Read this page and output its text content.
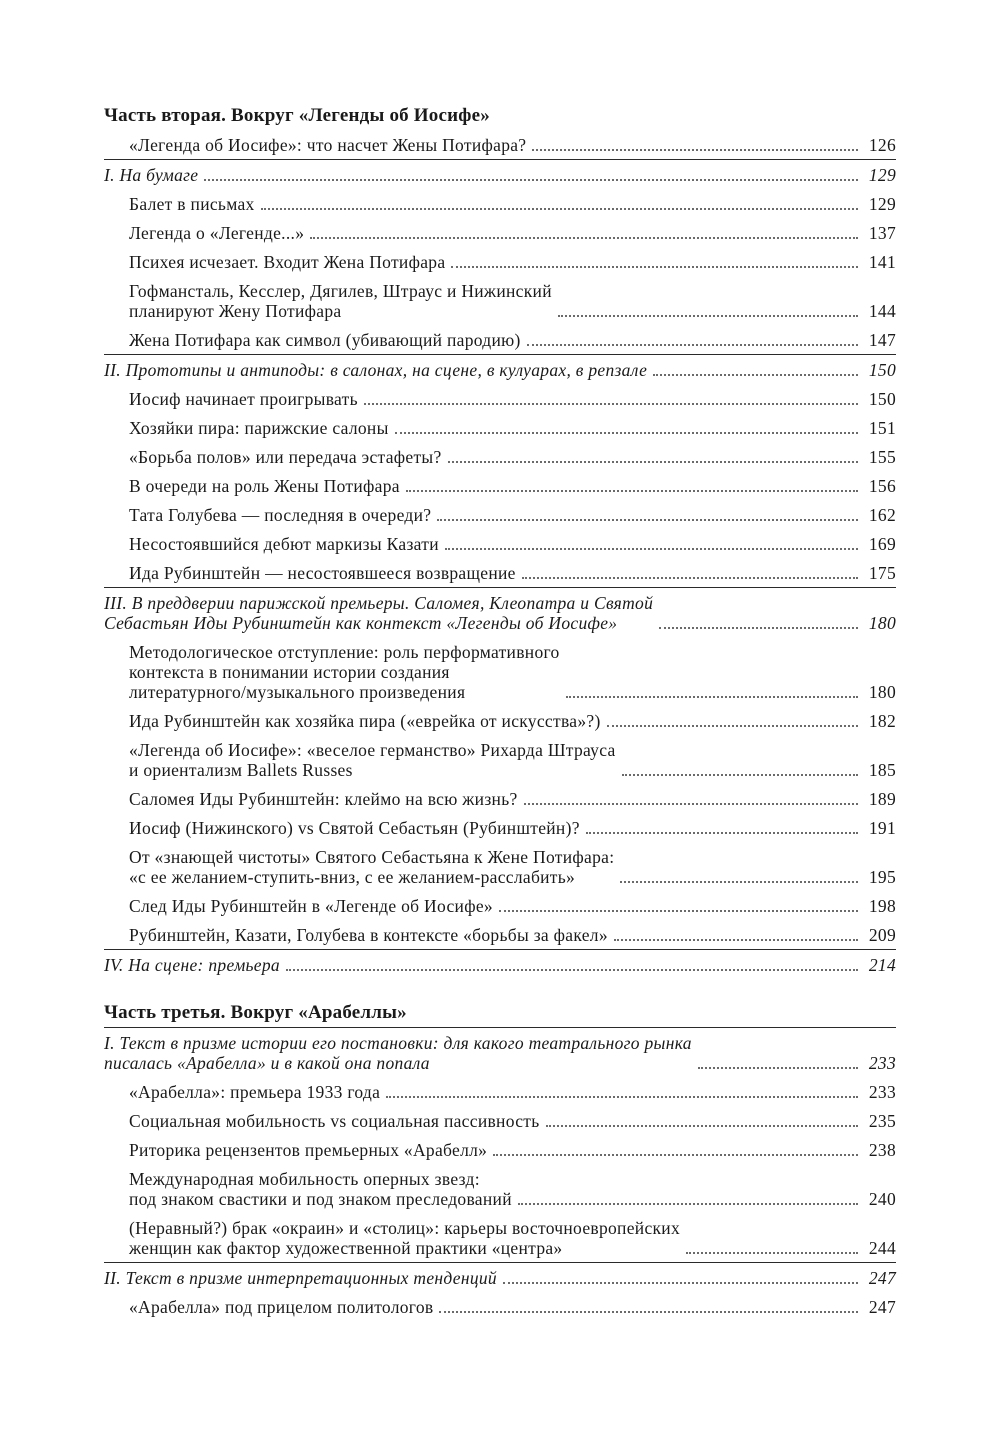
Часть вторая. Вокруг «Легенды об Иосифе»
«Легенда об Иосифе»: что насчет Жены Потифара?	126
I. На бумаге	129
Балет в письмах	129
Легенда о «Легенде...»	137
Психея исчезает. Входит Жена Потифара	141
Гофмансталь, Кесслер, Дягилев, Штраус и Нижинский
планируют Жену Потифара	144
Жена Потифара как символ (убивающий пародию)	147
II. Прототипы и антиподы: в салонах, на сцене, в кулуарах, в репзале	150
Иосиф начинает проигрывать	150
Хозяйки пира: парижские салоны	151
«Борьба полов» или передача эстафеты?	155
В очереди на роль Жены Потифара	156
Тата Голубева — последняя в очереди?	162
Несостоявшийся дебют маркизы Казати	169
Ида Рубинштейн — несостоявшееся возвращение	175
III. В преддверии парижской премьеры. Саломея, Клеопатра и Святой
Себастьян Иды Рубинштейн как контекст «Легенды об Иосифе»	180
Методологическое отступление: роль перформативного
контекста в понимании истории создания
литературного/музыкального произведения	180
Ида Рубинштейн как хозяйка пира («еврейка от искусства»?)	182
«Легенда об Иосифе»: «веселое германство» Рихарда Штрауса
и ориентализм Ballets Russes	185
Саломея Иды Рубинштейн: клеймо на всю жизнь?	189
Иосиф (Нижинского) vs Святой Себастьян (Рубинштейн)?	191
От «знающей чистоты» Святого Себастьяна к Жене Потифара:
«с ее желанием-ступить-вниз, с ее желанием-расслабить»	195
След Иды Рубинштейн в «Легенде об Иосифе»	198
Рубинштейн, Казати, Голубева в контексте «борьбы за факел»	209
IV. На сцене: премьера	214
Часть третья. Вокруг «Арабеллы»
I. Текст в призме истории его постановки: для какого театрального рынка
писалась «Арабелла» и в какой она попала	233
«Арабелла»: премьера 1933 года	233
Социальная мобильность vs социальная пассивность	235
Риторика рецензентов премьерных «Арабелл»	238
Международная мобильность оперных звезд:
под знаком свастики и под знаком преследований	240
(Неравный?) брак «окраин» и «столиц»: карьеры восточноевропейских
женщин как фактор художественной практики «центра»	244
II. Текст в призме интерпретационных тенденций	247
«Арабелла» под прицелом политологов	247
